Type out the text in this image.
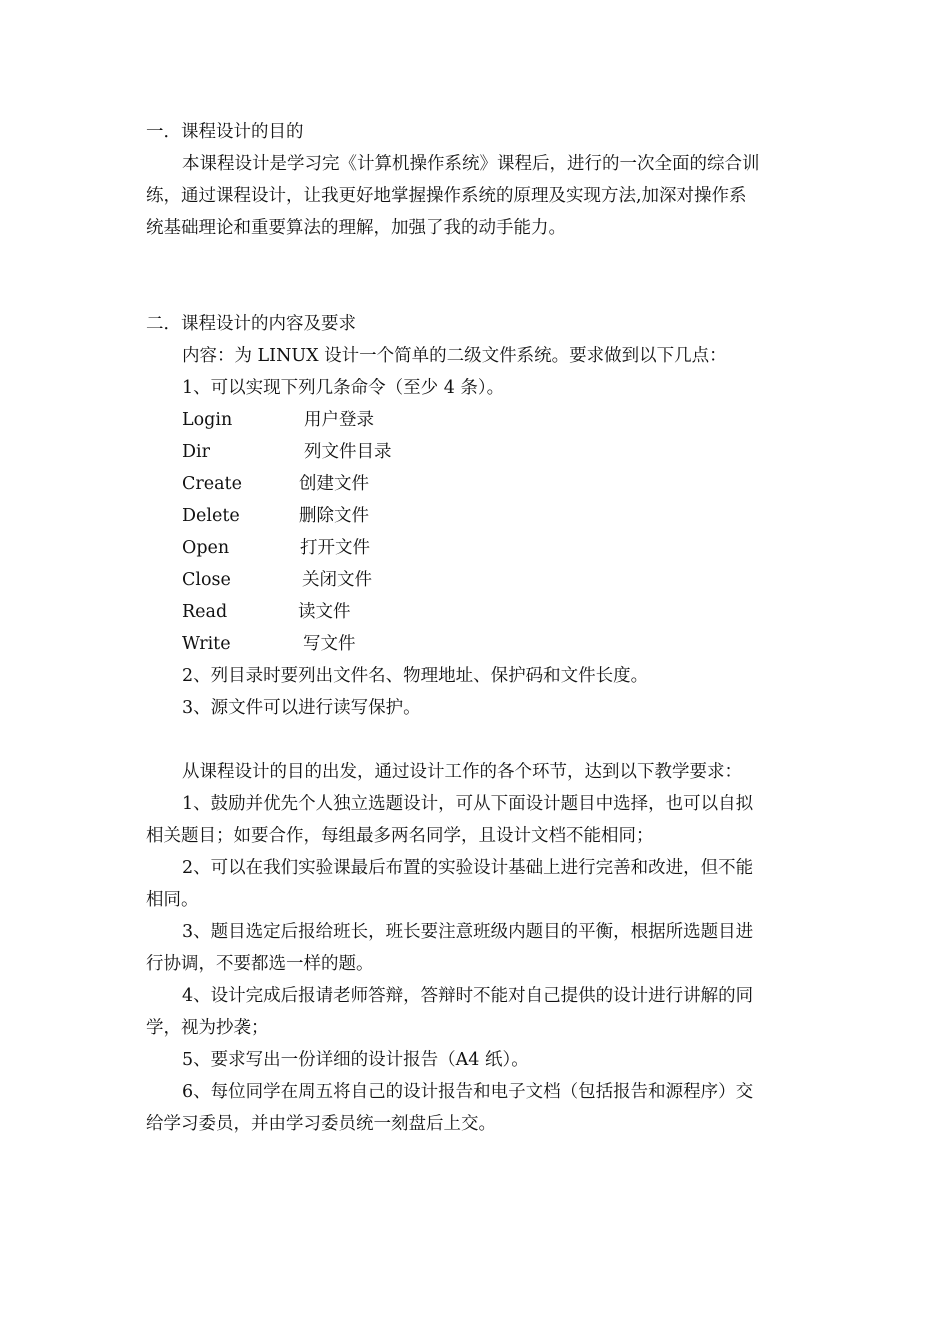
一．课程设计的目的
本课程设计是学习完《计算机操作系统》课程后，进行的一次全面的综合训
练，通过课程设计，让我更好地掌握操作系统的原理及实现方法,加深对操作系
统基础理论和重要算法的理解，加强了我的动手能力。
二．课程设计的内容及要求
内容：为 LINUX 设计一个简单的二级文件系统。要求做到以下几点：
1、可以实现下列几条命令（至少 4 条）。
Login	用户登录
Dir	列文件目录
Create	创建文件
Delete	删除文件
Open	打开文件
Close	关闭文件
Read	读文件
Write	写文件
2、列目录时要列出文件名、物理地址、保护码和文件长度。
3、源文件可以进行读写保护。
从课程设计的目的出发，通过设计工作的各个环节，达到以下教学要求：
1、鼓励并优先个人独立选题设计，可从下面设计题目中选择，也可以自拟
相关题目；如要合作，每组最多两名同学，且设计文档不能相同；
2、可以在我们实验课最后布置的实验设计基础上进行完善和改进，但不能
相同。
3、题目选定后报给班长，班长要注意班级内题目的平衡，根据所选题目进
行协调，不要都选一样的题。
4、设计完成后报请老师答辩，答辩时不能对自己提供的设计进行讲解的同
学，视为抄袭；
5、要求写出一份详细的设计报告（A4 纸）。
6、每位同学在周五将自己的设计报告和电子文档（包括报告和源程序）交
给学习委员，并由学习委员统一刻盘后上交。
